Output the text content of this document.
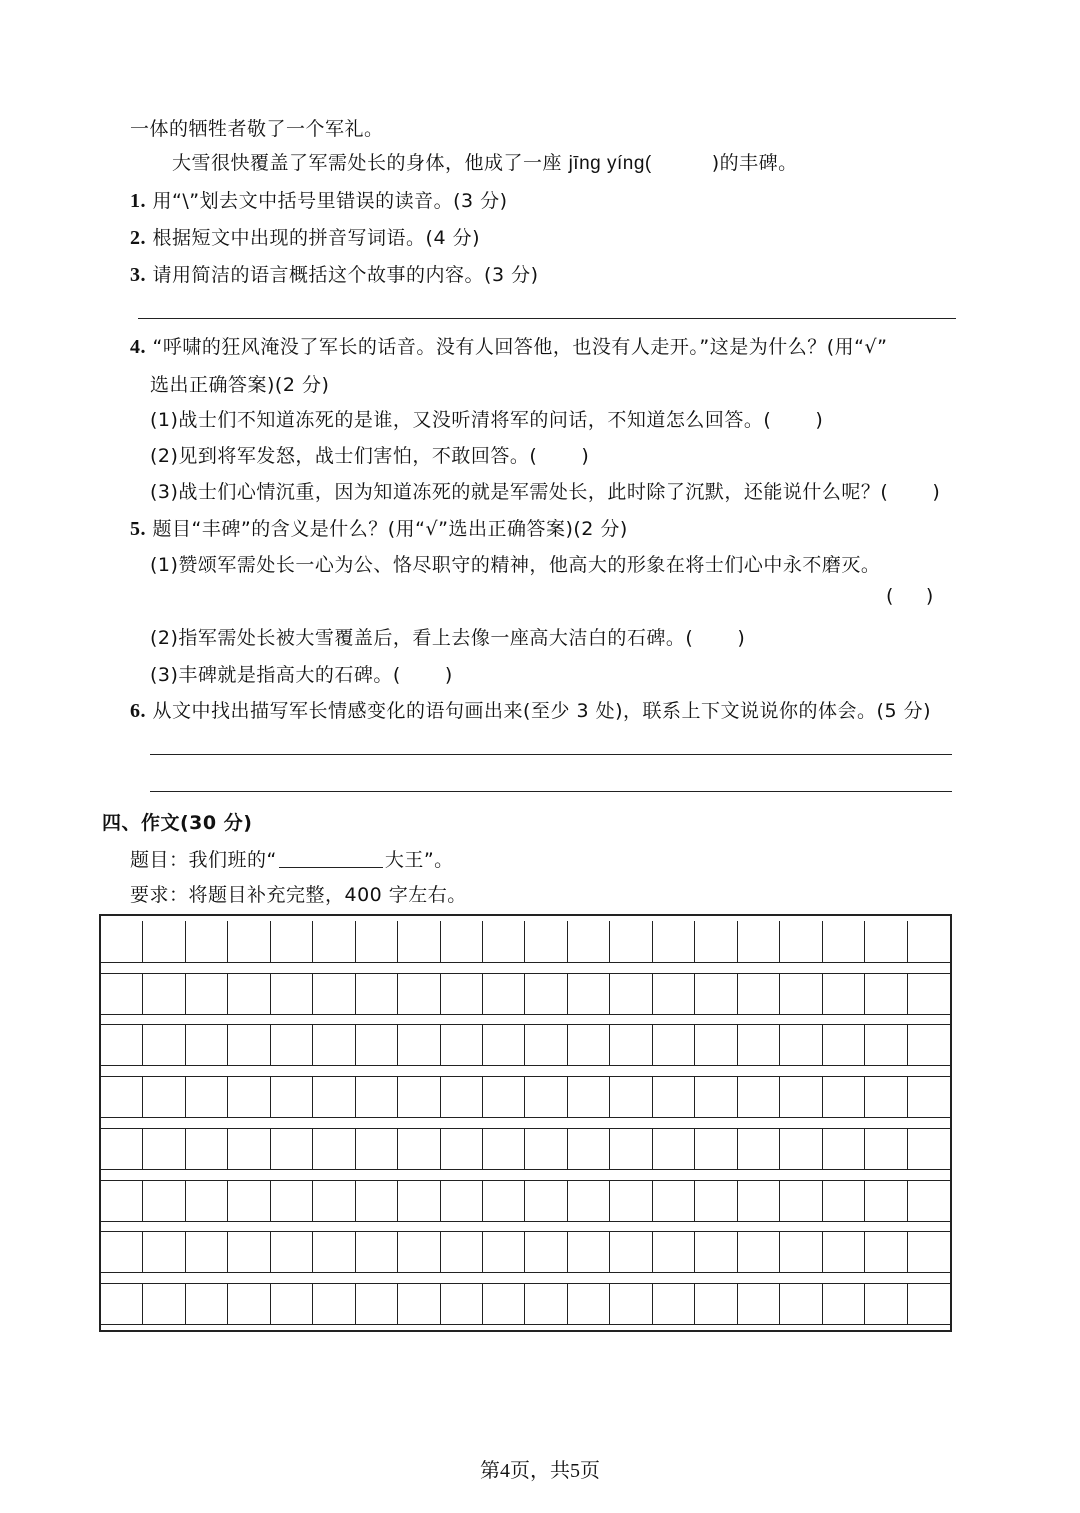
一体的牺牲者敬了一个军礼。
大雪很快覆盖了军需处长的身体，他成了一座 jīng yíng(	)的丰碑。
1. 用“\”划去文中括号里错误的读音。(3 分)
2. 根据短文中出现的拼音写词语。(4 分)
3. 请用简洁的语言概括这个故事的内容。(3 分)
4. “呼啸的狂风淹没了军长的话音。没有人回答他，也没有人走开。”这是为什么？(用“√”
选出正确答案)(2 分)
(1)战士们不知道冻死的是谁，又没听清将军的问话，不知道怎么回答。( )
(2)见到将军发怒，战士们害怕，不敢回答。( )
(3)战士们心情沉重，因为知道冻死的就是军需处长，此时除了沉默，还能说什么呢？( )
5. 题目“丰碑”的含义是什么？(用“√”选出正确答案)(2 分)
(1)赞颂军需处长一心为公、恪尽职守的精神，他高大的形象在将士们心中永不磨灭。
( )
(2)指军需处长被大雪覆盖后，看上去像一座高大洁白的石碑。( )
(3)丰碑就是指高大的石碑。( )
6. 从文中找出描写军长情感变化的语句画出来(至少 3 处)，联系上下文说说你的体会。(5 分)
四、作文(30 分)
题目：我们班的“	大王”。
要求：将题目补充完整，400 字左右。
第4页，共5页
